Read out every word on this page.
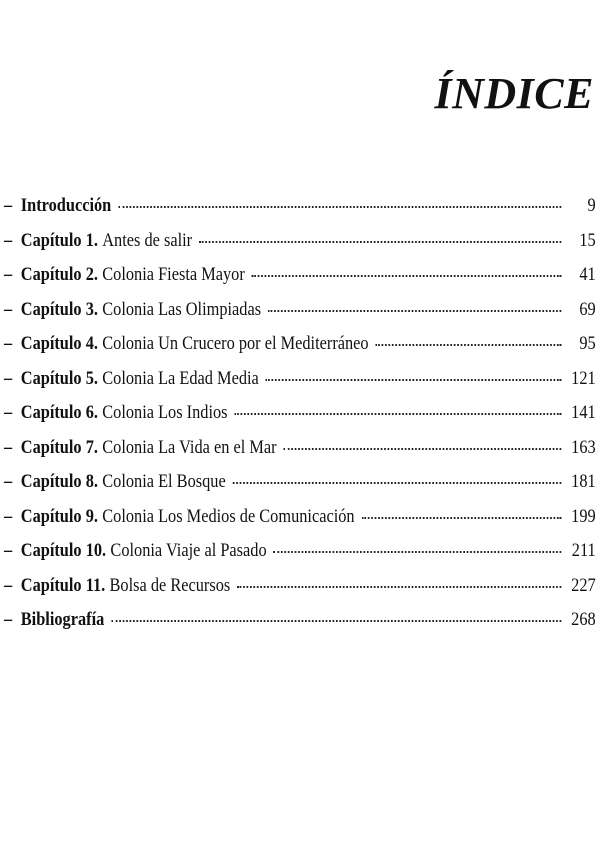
ÍNDICE
– Introducción	9
– Capítulo 1. Antes de salir	15
– Capítulo 2. Colonia Fiesta Mayor	41
– Capítulo 3. Colonia Las Olimpiadas	69
– Capítulo 4. Colonia Un Crucero por el Mediterráneo	95
– Capítulo 5. Colonia La Edad Media	121
– Capítulo 6. Colonia Los Indios	141
– Capítulo 7. Colonia La Vida en el Mar	163
– Capítulo 8. Colonia El Bosque	181
– Capítulo 9. Colonia Los Medios de Comunicación	199
– Capítulo 10. Colonia Viaje al Pasado	211
– Capítulo 11. Bolsa de Recursos	227
– Bibliografía	268
